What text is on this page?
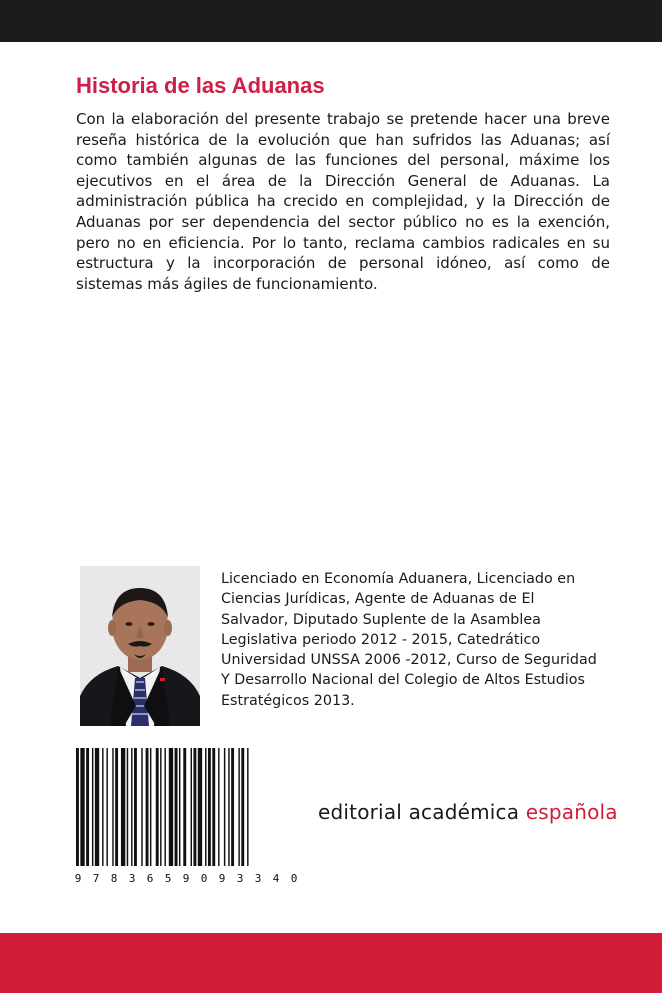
Historia de las Aduanas

Con la elaboración del presente trabajo se pretende hacer una breve reseña histórica de la evolución que han sufridos las Aduanas; así como también algunas de las funciones del personal, máxime los ejecutivos en el área de la Dirección General de Aduanas. La administración pública ha crecido en complejidad, y la Dirección de Aduanas por ser dependencia del sector público no es la exención, pero no en eficiencia. Por lo tanto, reclama cambios radicales en su estructura y la incorporación de personal idóneo, así como de sistemas más ágiles de funcionamiento.

Licenciado en Economía Aduanera, Licenciado en Ciencias Jurídicas, Agente de Aduanas de El Salvador, Diputado Suplente de la Asamblea Legislativa periodo 2012 - 2015, Catedrático Universidad UNSSA 2006 -2012, Curso de Seguridad Y Desarrollo Nacional del Colegio de Altos Estudios Estratégicos 2013.

9 7 8 3 6 5 9 0 9 3 3 4 0

editorial académica española
